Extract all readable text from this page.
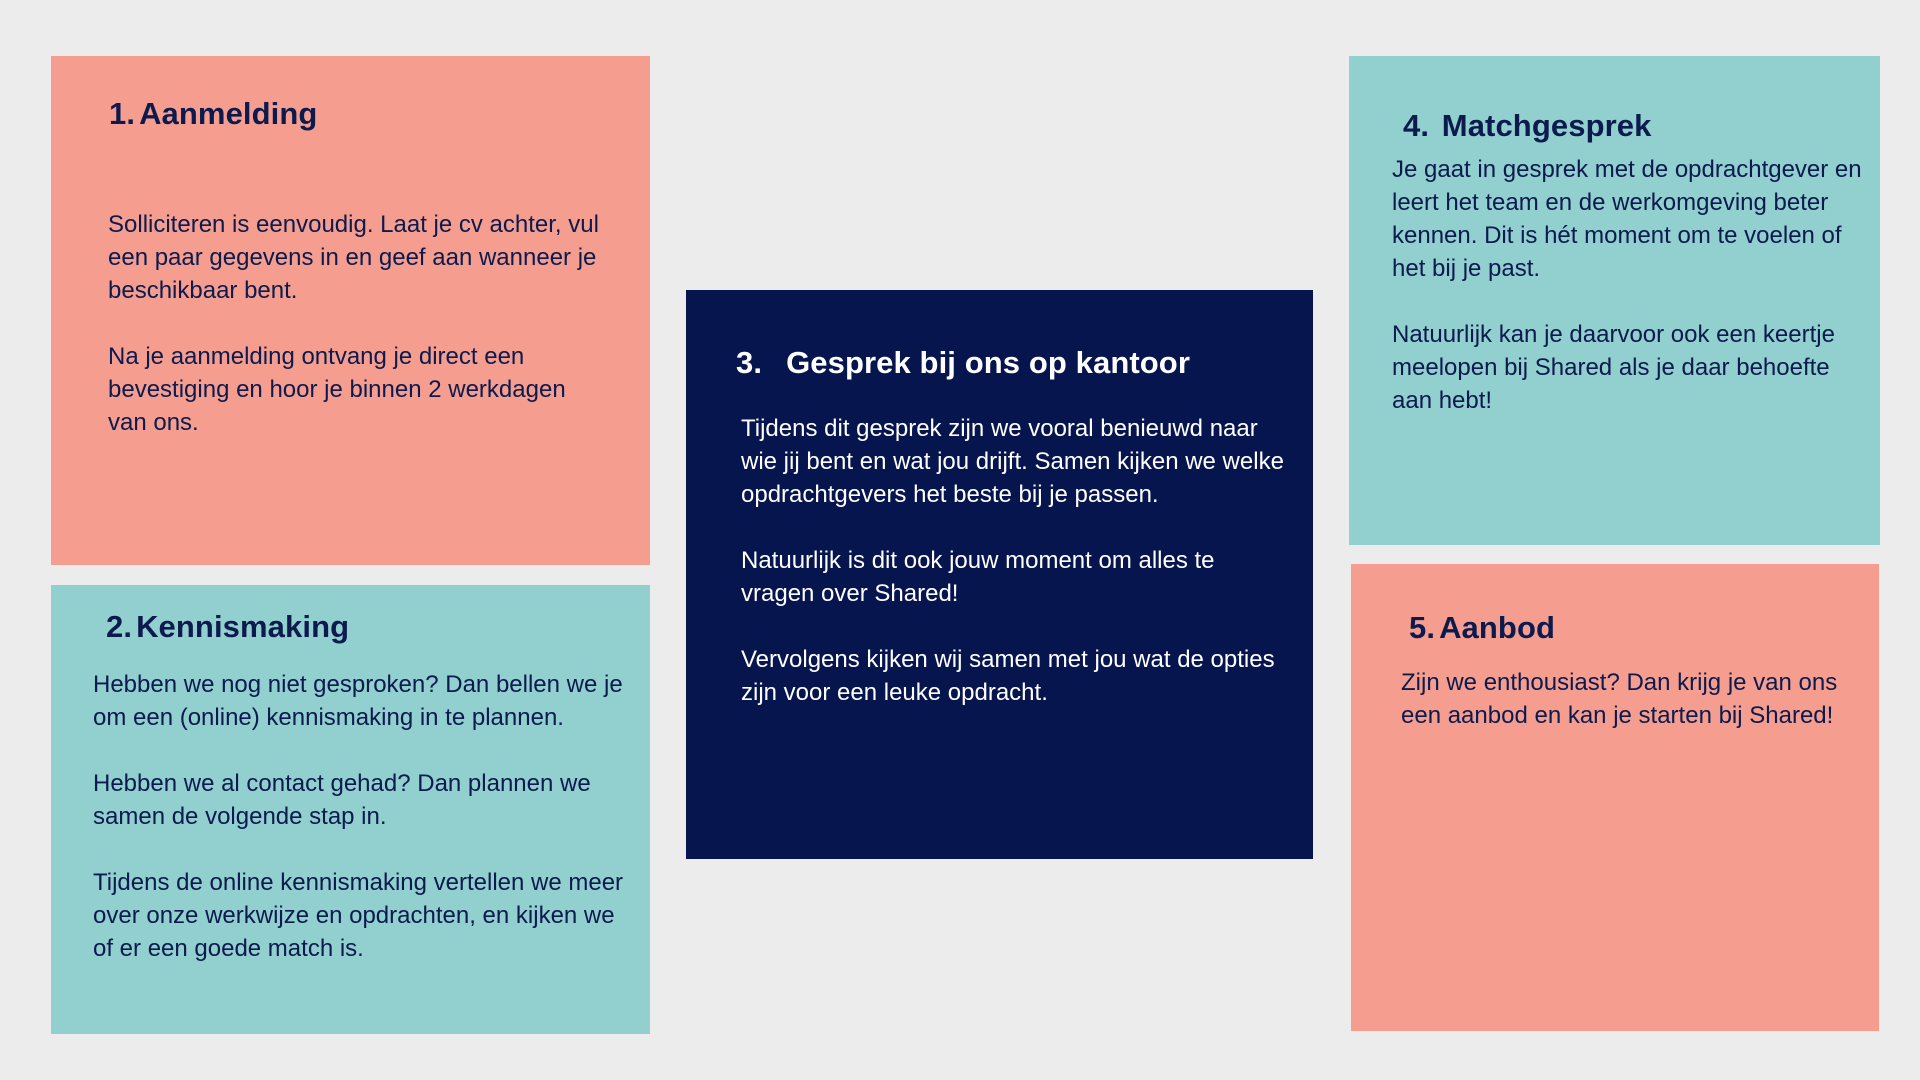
1. Aanmelding

Solliciteren is eenvoudig. Laat je cv achter, vul een paar gegevens in en geef aan wanneer je beschikbaar bent.

Na je aanmelding ontvang je direct een bevestiging en hoor je binnen 2 werkdagen van ons.

2. Kennismaking

Hebben we nog niet gesproken? Dan bellen we je om een (online) kennismaking in te plannen.

Hebben we al contact gehad? Dan plannen we samen de volgende stap in.

Tijdens de online kennismaking vertellen we meer over onze werkwijze en opdrachten, en kijken we of er een goede match is.

3. Gesprek bij ons op kantoor

Tijdens dit gesprek zijn we vooral benieuwd naar wie jij bent en wat jou drijft. Samen kijken we welke opdrachtgevers het beste bij je passen.

Natuurlijk is dit ook jouw moment om alles te vragen over Shared!

Vervolgens kijken wij samen met jou wat de opties zijn voor een leuke opdracht.

4. Matchgesprek

Je gaat in gesprek met de opdrachtgever en leert het team en de werkomgeving beter kennen. Dit is hét moment om te voelen of het bij je past.

Natuurlijk kan je daarvoor ook een keertje meelopen bij Shared als je daar behoefte aan hebt!

5. Aanbod

Zijn we enthousiast? Dan krijg je van ons een aanbod en kan je starten bij Shared!
